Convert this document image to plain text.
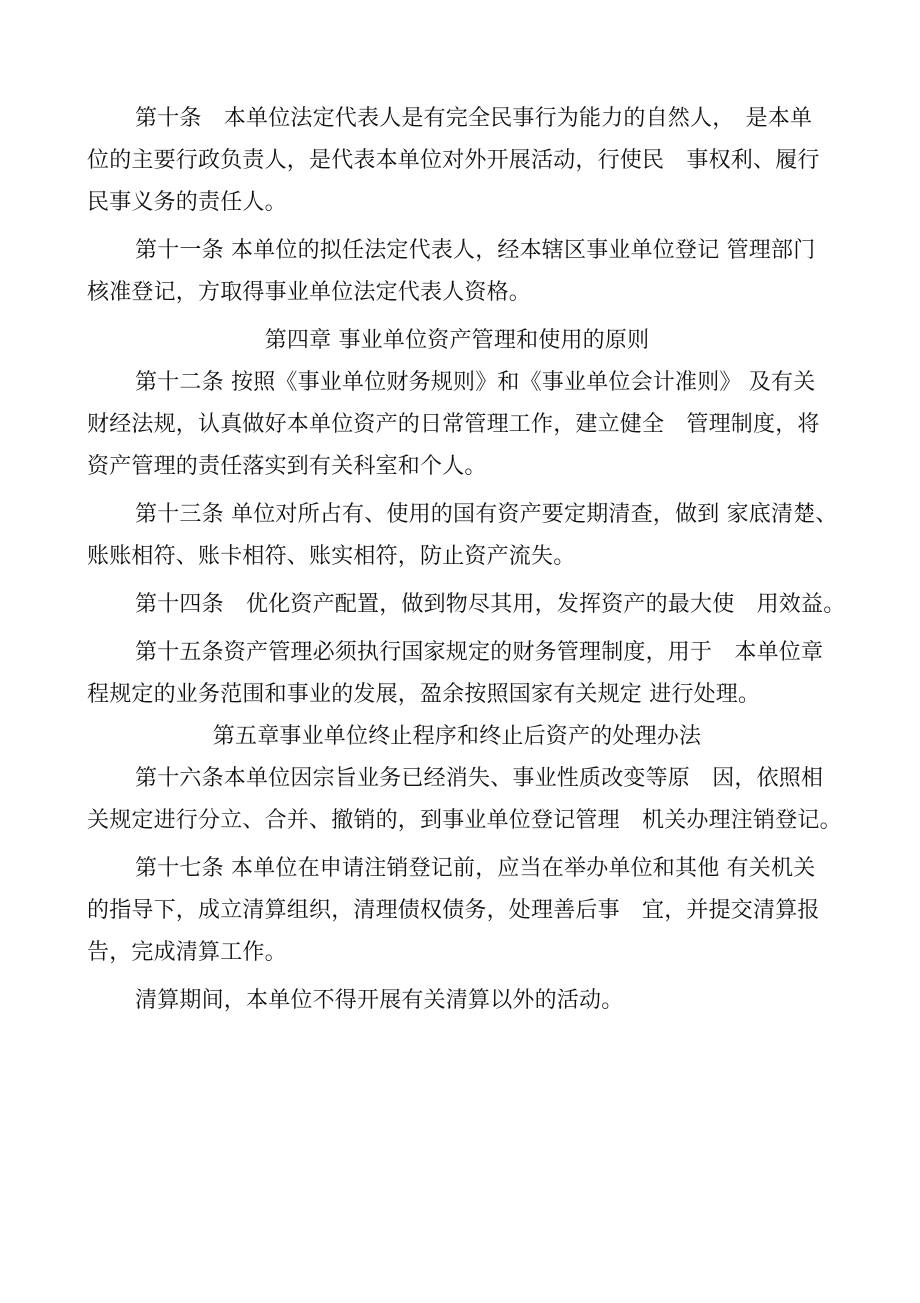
第十条　本单位法定代表人是有完全民事行为能力的自然人，　是本单
位的主要行政负责人，是代表本单位对外开展活动，行使民　事权利、履行
民事义务的责任人。
第十一条 本单位的拟任法定代表人，经本辖区事业单位登记 管理部门
核准登记，方取得事业单位法定代表人资格。
第四章 事业单位资产管理和使用的原则
第十二条 按照《事业单位财务规则》和《事业单位会计准则》 及有关
财经法规，认真做好本单位资产的日常管理工作，建立健全　管理制度，将
资产管理的责任落实到有关科室和个人。
第十三条 单位对所占有、使用的国有资产要定期清查，做到 家底清楚、
账账相符、账卡相符、账实相符，防止资产流失。
第十四条　优化资产配置，做到物尽其用，发挥资产的最大使　用效益。
第十五条资产管理必须执行国家规定的财务管理制度，用于　本单位章
程规定的业务范围和事业的发展，盈余按照国家有关规定 进行处理。
第五章事业单位终止程序和终止后资产的处理办法
第十六条本单位因宗旨业务已经消失、事业性质改变等原　因，依照相
关规定进行分立、合并、撤销的，到事业单位登记管理　机关办理注销登记。
第十七条 本单位在申请注销登记前，应当在举办单位和其他 有关机关
的指导下，成立清算组织，清理债权债务，处理善后事　宜，并提交清算报
告，完成清算工作。
清算期间，本单位不得开展有关清算以外的活动。
